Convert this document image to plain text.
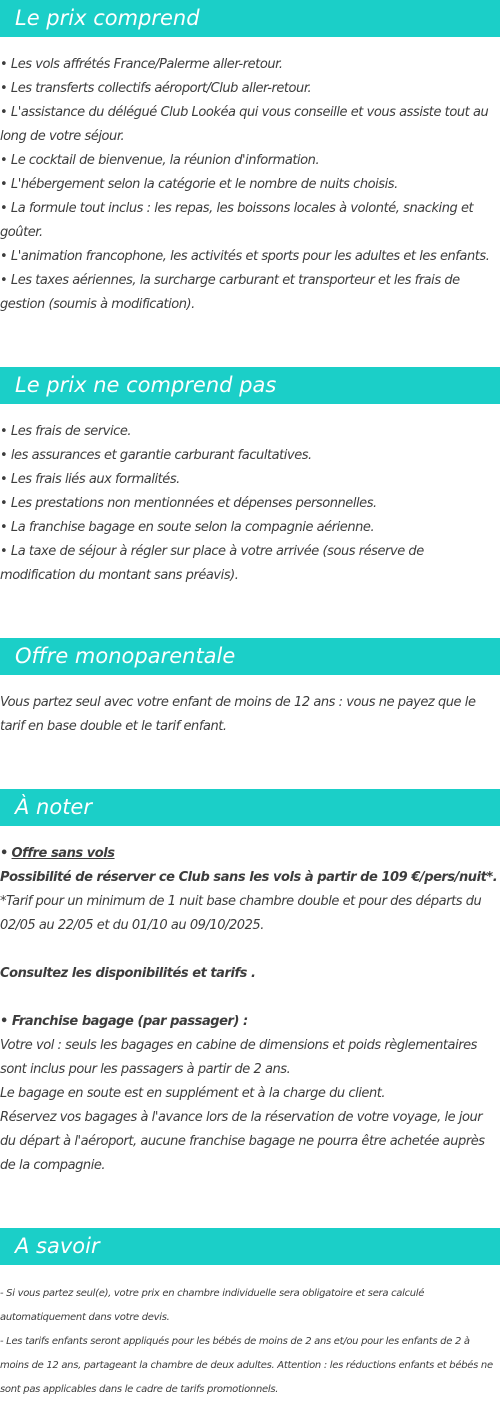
Le prix comprend

• Les vols affrétés France/Palerme aller-retour.

• Les transferts collectifs aéroport/Club aller-retour.

• L'assistance du délégué Club Lookéa qui vous conseille et vous assiste tout au long de votre séjour.

• Le cocktail de bienvenue, la réunion d'information.

• L'hébergement selon la catégorie et le nombre de nuits choisis.

• La formule tout inclus : les repas, les boissons locales à volonté, snacking et goûter.

• L'animation francophone, les activités et sports pour les adultes et les enfants.

• Les taxes aériennes, la surcharge carburant et transporteur et les frais de gestion (soumis à modification).

Le prix ne comprend pas

• Les frais de service.

• les assurances et garantie carburant facultatives.

• Les frais liés aux formalités.

• Les prestations non mentionnées et dépenses personnelles.

• La franchise bagage en soute selon la compagnie aérienne.

• La taxe de séjour à régler sur place à votre arrivée (sous réserve de modification du montant sans préavis).

Offre monoparentale

Vous partez seul avec votre enfant de moins de 12 ans : vous ne payez que le tarif en base double et le tarif enfant.

À noter

• Offre sans vols

Possibilité de réserver ce Club sans les vols à partir de 109 €/pers/nuit*.

*Tarif pour un minimum de 1 nuit base chambre double et pour des départs du 02/05 au 22/05 et du 01/10 au 09/10/2025.

Consultez les disponibilités et tarifs .

• Franchise bagage (par passager) :

Votre vol : seuls les bagages en cabine de dimensions et poids règlementaires sont inclus pour les passagers à partir de 2 ans.

Le bagage en soute est en supplément et à la charge du client.

Réservez vos bagages à l'avance lors de la réservation de votre voyage, le jour du départ à l'aéroport, aucune franchise bagage ne pourra être achetée auprès de la compagnie.

A savoir

- Si vous partez seul(e), votre prix en chambre individuelle sera obligatoire et sera calculé automatiquement dans votre devis.

- Les tarifs enfants seront appliqués pour les bébés de moins de 2 ans et/ou pour les enfants de 2 à moins de 12 ans, partageant la chambre de deux adultes. Attention : les réductions enfants et bébés ne sont pas applicables dans le cadre de tarifs promotionnels.
